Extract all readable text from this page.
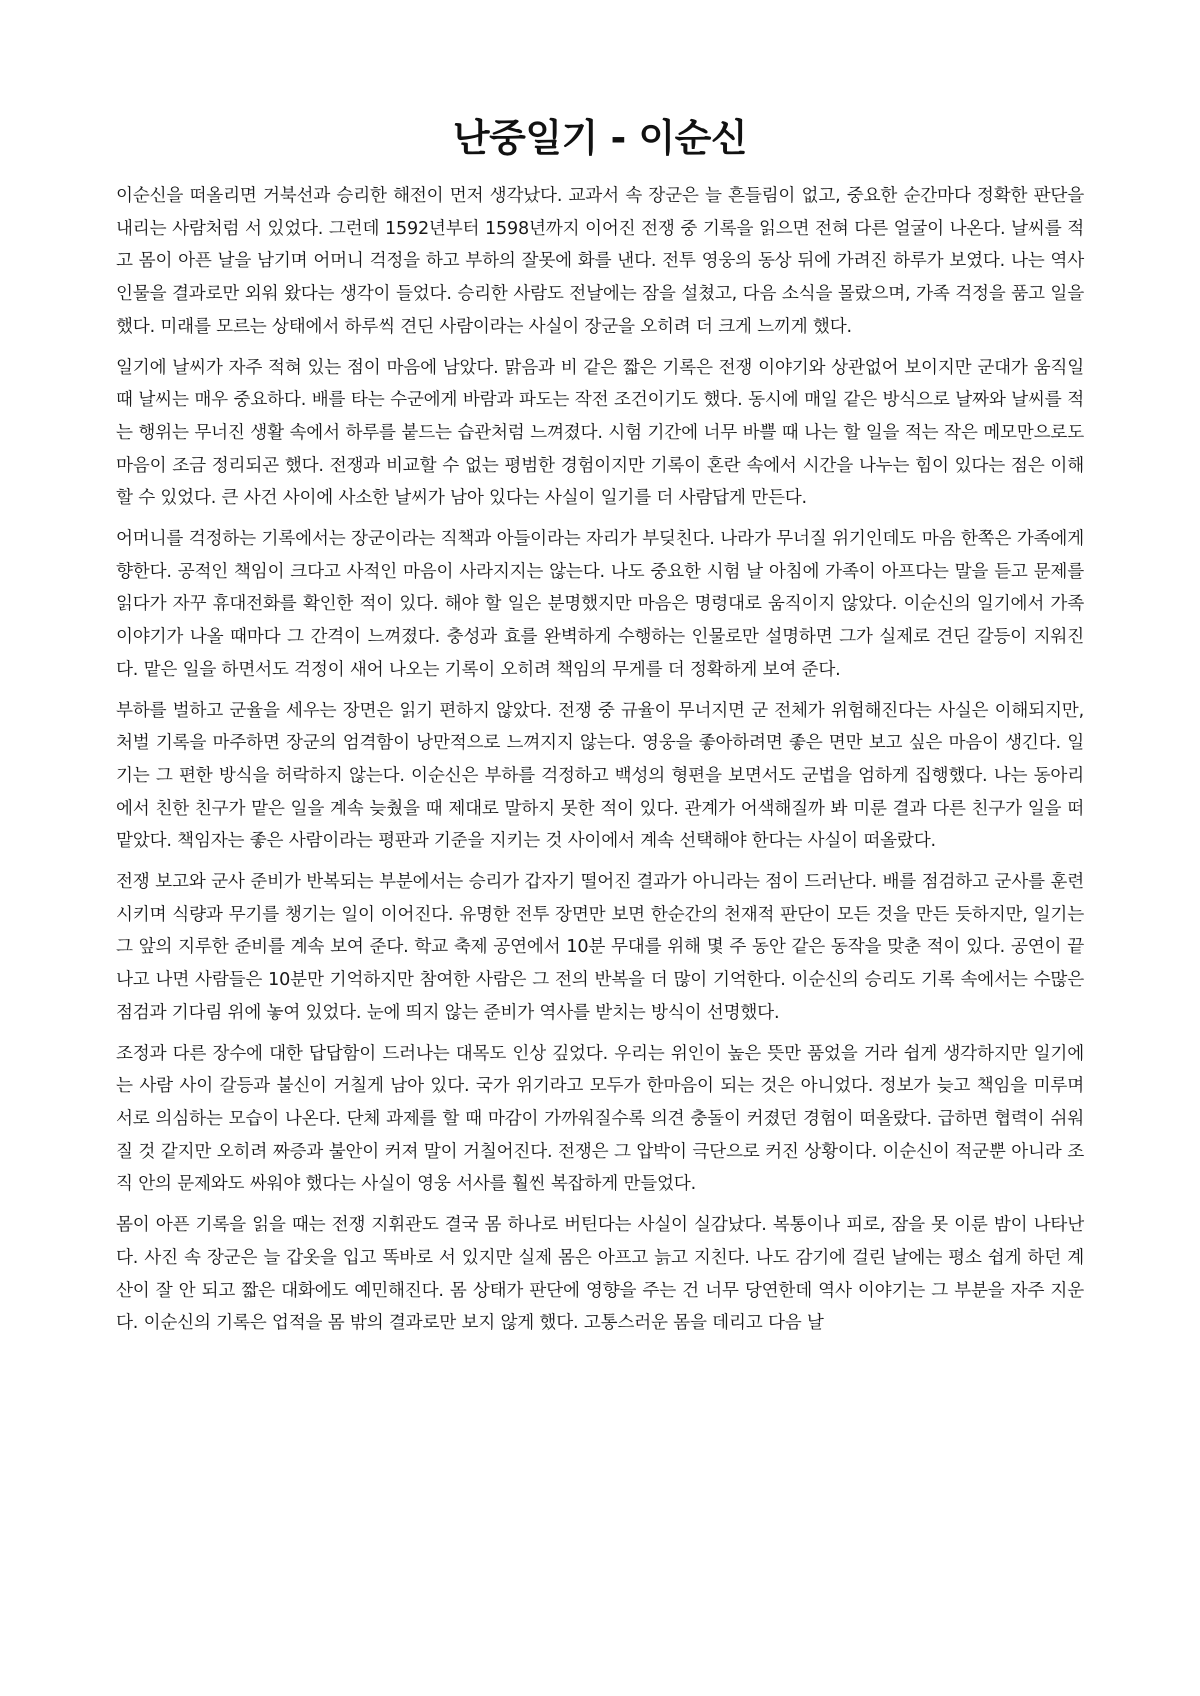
난중일기 - 이순신

이순신을 떠올리면 거북선과 승리한 해전이 먼저 생각났다. 교과서 속 장군은 늘 흔들림이 없고, 중요한 순간마다 정확한 판단을 내리는 사람처럼 서 있었다. 그런데 1592년부터 1598년까지 이어진 전쟁 중 기록을 읽으면 전혀 다른 얼굴이 나온다. 날씨를 적고 몸이 아픈 날을 남기며 어머니 걱정을 하고 부하의 잘못에 화를 낸다. 전투 영웅의 동상 뒤에 가려진 하루가 보였다. 나는 역사 인물을 결과로만 외워 왔다는 생각이 들었다. 승리한 사람도 전날에는 잠을 설쳤고, 다음 소식을 몰랐으며, 가족 걱정을 품고 일을 했다. 미래를 모르는 상태에서 하루씩 견딘 사람이라는 사실이 장군을 오히려 더 크게 느끼게 했다.

일기에 날씨가 자주 적혀 있는 점이 마음에 남았다. 맑음과 비 같은 짧은 기록은 전쟁 이야기와 상관없어 보이지만 군대가 움직일 때 날씨는 매우 중요하다. 배를 타는 수군에게 바람과 파도는 작전 조건이기도 했다. 동시에 매일 같은 방식으로 날짜와 날씨를 적는 행위는 무너진 생활 속에서 하루를 붙드는 습관처럼 느껴졌다. 시험 기간에 너무 바쁠 때 나는 할 일을 적는 작은 메모만으로도 마음이 조금 정리되곤 했다. 전쟁과 비교할 수 없는 평범한 경험이지만 기록이 혼란 속에서 시간을 나누는 힘이 있다는 점은 이해할 수 있었다. 큰 사건 사이에 사소한 날씨가 남아 있다는 사실이 일기를 더 사람답게 만든다.

어머니를 걱정하는 기록에서는 장군이라는 직책과 아들이라는 자리가 부딪친다. 나라가 무너질 위기인데도 마음 한쪽은 가족에게 향한다. 공적인 책임이 크다고 사적인 마음이 사라지지는 않는다. 나도 중요한 시험 날 아침에 가족이 아프다는 말을 듣고 문제를 읽다가 자꾸 휴대전화를 확인한 적이 있다. 해야 할 일은 분명했지만 마음은 명령대로 움직이지 않았다. 이순신의 일기에서 가족 이야기가 나올 때마다 그 간격이 느껴졌다. 충성과 효를 완벽하게 수행하는 인물로만 설명하면 그가 실제로 견딘 갈등이 지워진다. 맡은 일을 하면서도 걱정이 새어 나오는 기록이 오히려 책임의 무게를 더 정확하게 보여 준다.

부하를 벌하고 군율을 세우는 장면은 읽기 편하지 않았다. 전쟁 중 규율이 무너지면 군 전체가 위험해진다는 사실은 이해되지만, 처벌 기록을 마주하면 장군의 엄격함이 낭만적으로 느껴지지 않는다. 영웅을 좋아하려면 좋은 면만 보고 싶은 마음이 생긴다. 일기는 그 편한 방식을 허락하지 않는다. 이순신은 부하를 걱정하고 백성의 형편을 보면서도 군법을 엄하게 집행했다. 나는 동아리에서 친한 친구가 맡은 일을 계속 늦췄을 때 제대로 말하지 못한 적이 있다. 관계가 어색해질까 봐 미룬 결과 다른 친구가 일을 떠맡았다. 책임자는 좋은 사람이라는 평판과 기준을 지키는 것 사이에서 계속 선택해야 한다는 사실이 떠올랐다.

전쟁 보고와 군사 준비가 반복되는 부분에서는 승리가 갑자기 떨어진 결과가 아니라는 점이 드러난다. 배를 점검하고 군사를 훈련시키며 식량과 무기를 챙기는 일이 이어진다. 유명한 전투 장면만 보면 한순간의 천재적 판단이 모든 것을 만든 듯하지만, 일기는 그 앞의 지루한 준비를 계속 보여 준다. 학교 축제 공연에서 10분 무대를 위해 몇 주 동안 같은 동작을 맞춘 적이 있다. 공연이 끝나고 나면 사람들은 10분만 기억하지만 참여한 사람은 그 전의 반복을 더 많이 기억한다. 이순신의 승리도 기록 속에서는 수많은 점검과 기다림 위에 놓여 있었다. 눈에 띄지 않는 준비가 역사를 받치는 방식이 선명했다.

조정과 다른 장수에 대한 답답함이 드러나는 대목도 인상 깊었다. 우리는 위인이 높은 뜻만 품었을 거라 쉽게 생각하지만 일기에는 사람 사이 갈등과 불신이 거칠게 남아 있다. 국가 위기라고 모두가 한마음이 되는 것은 아니었다. 정보가 늦고 책임을 미루며 서로 의심하는 모습이 나온다. 단체 과제를 할 때 마감이 가까워질수록 의견 충돌이 커졌던 경험이 떠올랐다. 급하면 협력이 쉬워질 것 같지만 오히려 짜증과 불안이 커져 말이 거칠어진다. 전쟁은 그 압박이 극단으로 커진 상황이다. 이순신이 적군뿐 아니라 조직 안의 문제와도 싸워야 했다는 사실이 영웅 서사를 훨씬 복잡하게 만들었다.

몸이 아픈 기록을 읽을 때는 전쟁 지휘관도 결국 몸 하나로 버틴다는 사실이 실감났다. 복통이나 피로, 잠을 못 이룬 밤이 나타난다. 사진 속 장군은 늘 갑옷을 입고 똑바로 서 있지만 실제 몸은 아프고 늙고 지친다. 나도 감기에 걸린 날에는 평소 쉽게 하던 계산이 잘 안 되고 짧은 대화에도 예민해진다. 몸 상태가 판단에 영향을 주는 건 너무 당연한데 역사 이야기는 그 부분을 자주 지운다. 이순신의 기록은 업적을 몸 밖의 결과로만 보지 않게 했다. 고통스러운 몸을 데리고 다음 날
